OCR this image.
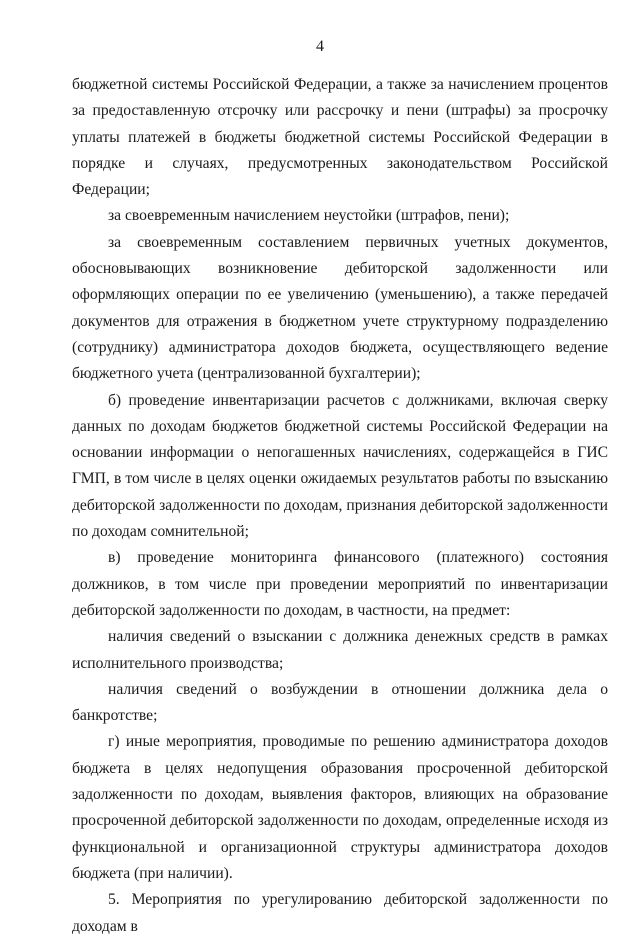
4

бюджетной системы Российской Федерации, а также за начислением процентов за предоставленную отсрочку или рассрочку и пени (штрафы) за просрочку уплаты платежей в бюджеты бюджетной системы Российской Федерации в порядке и случаях, предусмотренных законодательством Российской Федерации;

за своевременным начислением неустойки (штрафов, пени);

за своевременным составлением первичных учетных документов, обосновывающих возникновение дебиторской задолженности или оформляющих операции по ее увеличению (уменьшению), а также передачей документов для отражения в бюджетном учете структурному подразделению (сотруднику) администратора доходов бюджета, осуществляющего ведение бюджетного учета (централизованной бухгалтерии);

б) проведение инвентаризации расчетов с должниками, включая сверку данных по доходам бюджетов бюджетной системы Российской Федерации на основании информации о непогашенных начислениях, содержащейся в ГИС ГМП, в том числе в целях оценки ожидаемых результатов работы по взысканию дебиторской задолженности по доходам, признания дебиторской задолженности по доходам сомнительной;

в) проведение мониторинга финансового (платежного) состояния должников, в том числе при проведении мероприятий по инвентаризации дебиторской задолженности по доходам, в частности, на предмет:

наличия сведений о взыскании с должника денежных средств в рамках исполнительного производства;

наличия сведений о возбуждении в отношении должника дела о банкротстве;

г) иные мероприятия, проводимые по решению администратора доходов бюджета в целях недопущения образования просроченной дебиторской задолженности по доходам, выявления факторов, влияющих на образование просроченной дебиторской задолженности по доходам, определенные исходя из функциональной и организационной структуры администратора доходов бюджета (при наличии).

5. Мероприятия по урегулированию дебиторской задолженности по доходам в
